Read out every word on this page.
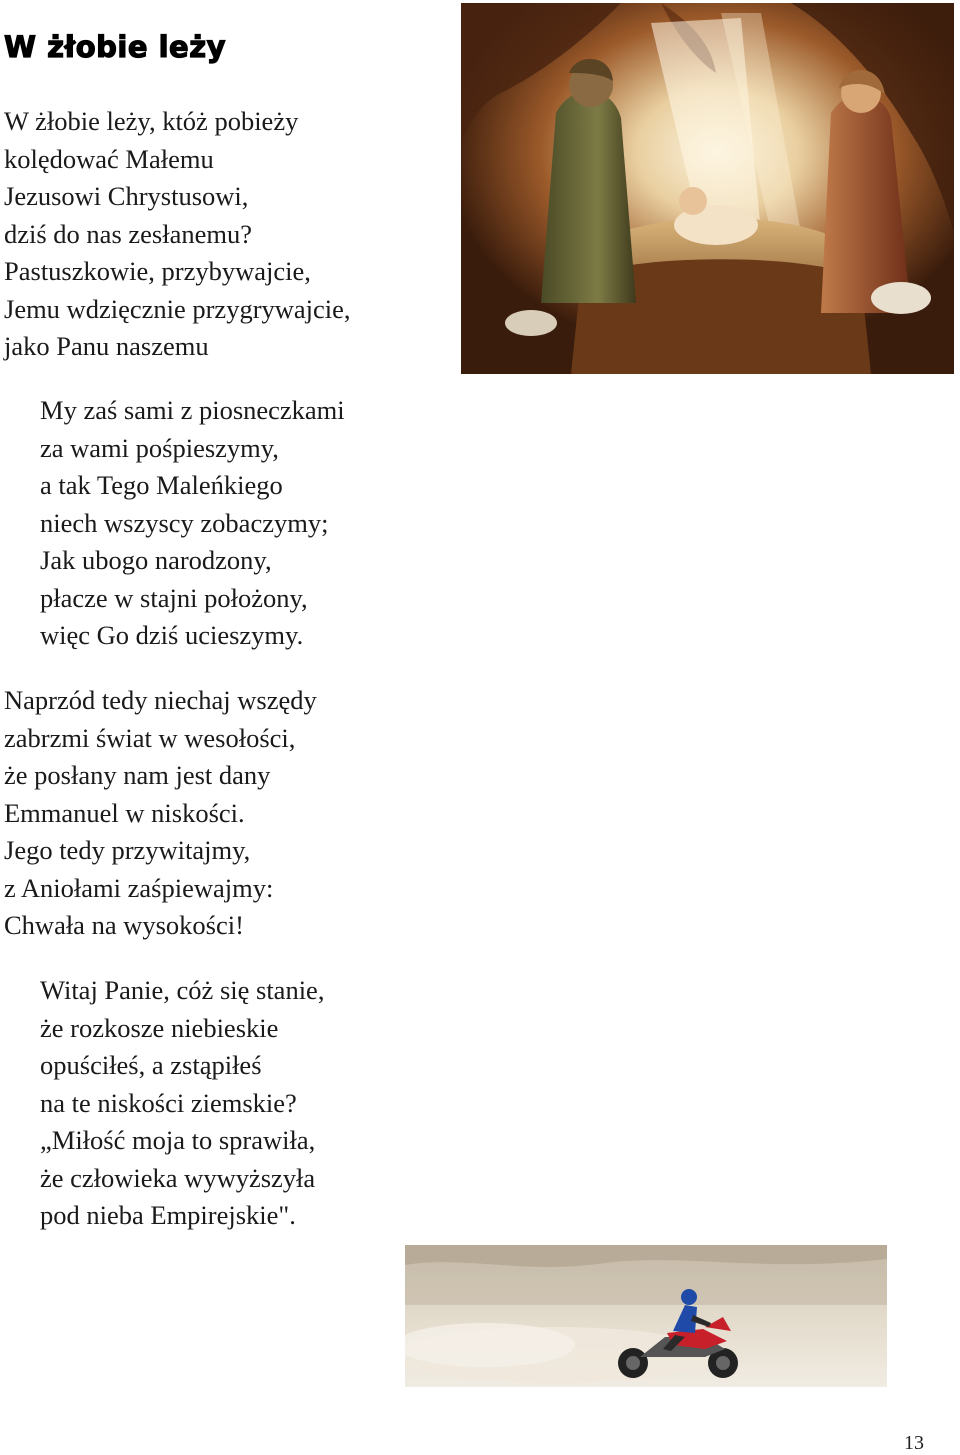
W żłobie leży
W żłobie leży, któż pobieży
kolędować Małemu
Jezusowi Chrystusowi,
dziś do nas zesłanemu?
Pastuszkowie, przybywajcie,
Jemu wdzięcznie przygrywajcie,
jako Panu naszemu
My zaś sami z piosneczkami
za wami pośpieszymy,
a tak Tego Maleńkiego
niech wszyscy zobaczymy;
Jak ubogo narodzony,
płacze w stajni położony,
więc Go dziś ucieszymy.
Naprzód tedy niechaj wszędy
zabrzmi świat w wesołości,
że posłany nam jest dany
Emmanuel w niskości.
Jego tedy przywitajmy,
z Aniołami zaśpiewajmy:
Chwała na wysokości!
Witaj Panie, cóż się stanie,
że rozkosze niebieskie
opuściłeś, a zstąpiłeś
na te niskości ziemskie?
„Miłość moja to sprawiła,
że człowieka wywyższyła
pod nieba Empirejskie".
13
